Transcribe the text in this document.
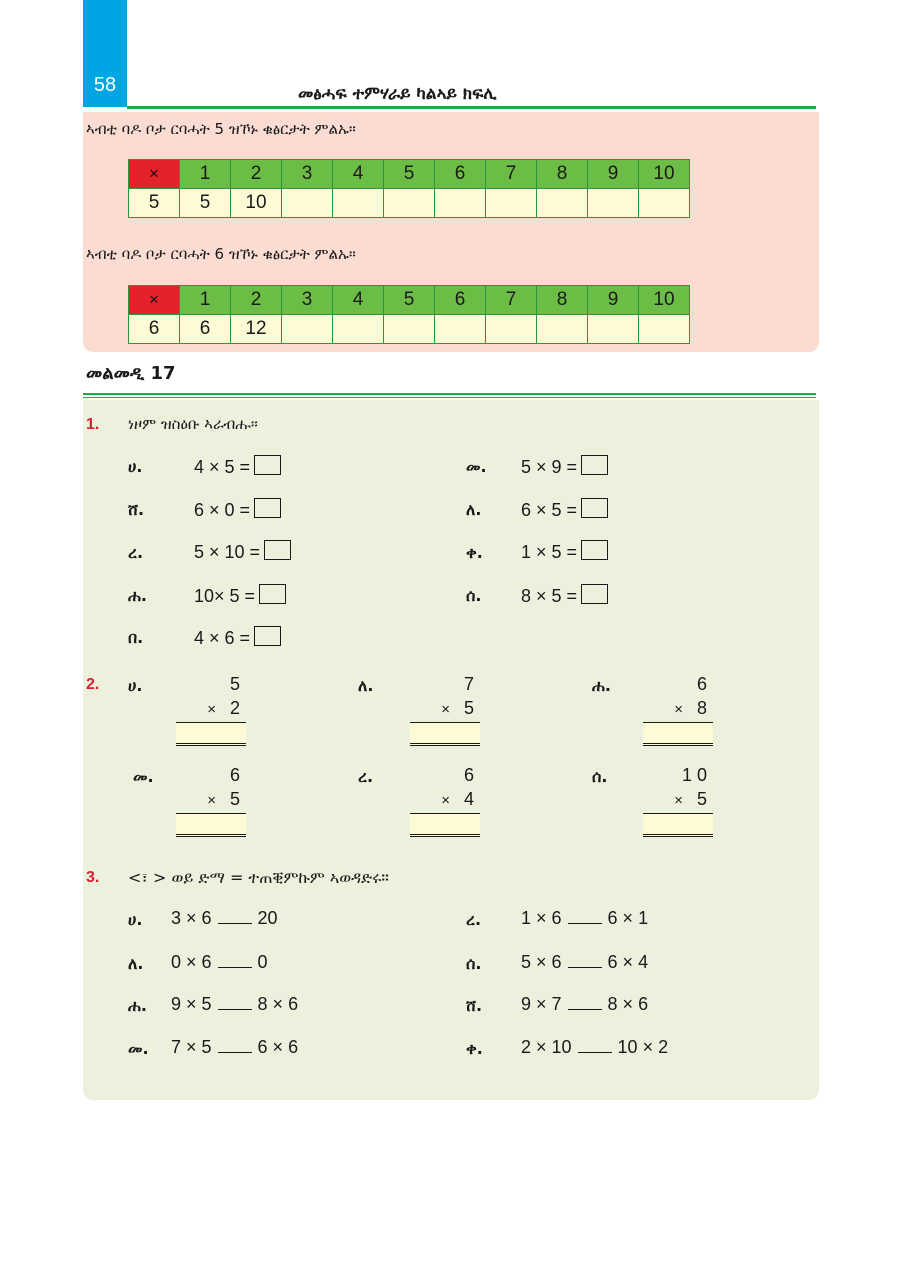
58	መፅሓፍ ተምሃራይ ካልኣይ ክፍሊ
ኣብቲ ባዶ ቦታ ርባሓት 5 ዝኾኑ ቁፅርታት ምልኡ።
×	1	2	3	4	5	6	7	8	9	10
5	5	10								
ኣብቲ ባዶ ቦታ ርባሓት 6 ዝኾኑ ቁፅርታት ምልኡ።
×	1	2	3	4	5	6	7	8	9	10
6	6	12								
መልመዲ 17
1. ነዞም ዝስዕቡ ኣራብሑ።
ሀ.	4 × 5 =	መ. 5 × 9 =
ሸ.	6 × 0 =	ለ. 6 × 5 =
ረ.	5 × 10 =	ቀ. 1 × 5 =
ሐ.	10× 5 =	ሰ. 8 × 5 =
በ.	4 × 6 =
2. ሀ.	5
× 2
ለ.	7
× 5
ሐ.	6
× 8
መ.	6
× 5
ረ.	6
× 4
ሰ.	1 0
× 5
3. <፣ > ወይ ድማ = ተጠቒምኩም ኣወዳድሩ።
ሀ. 3 × 6	20	ረ. 1 × 6	6 × 1
ለ. 0 × 6	0	ሰ. 5 × 6	6 × 4
ሐ. 9 × 5	8 × 6	ሸ. 9 × 7	8 × 6
መ. 7 × 5	6 × 6	ቀ. 2 × 10	10 × 2
